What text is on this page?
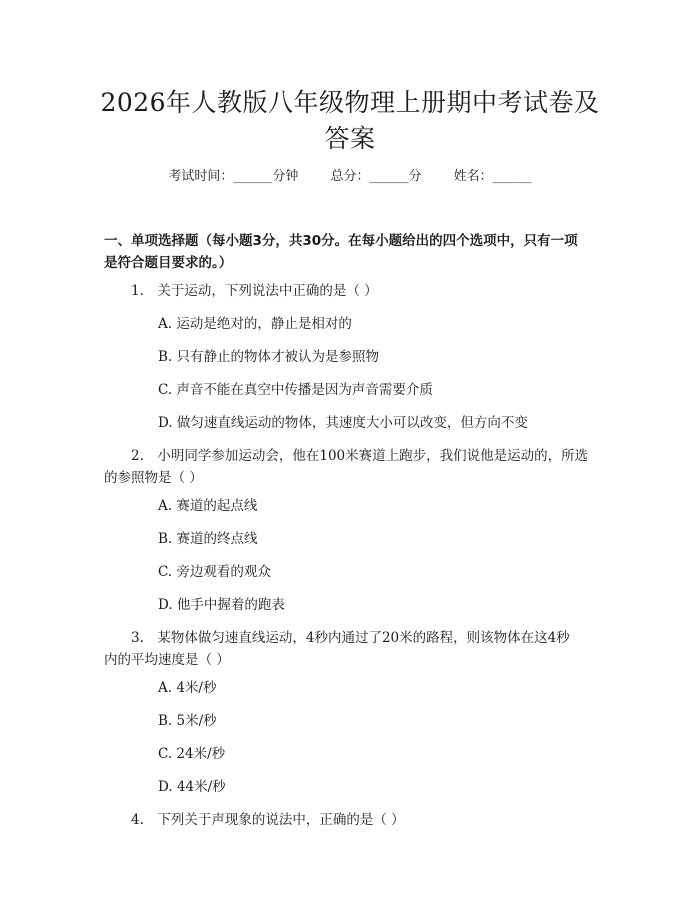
2026年人教版八年级物理上册期中考试卷及
答案
考试时间：______分钟 总分：______分 姓名：______
一、单项选择题（每小题3分，共30分。在每小题给出的四个选项中，只有一项
是符合题目要求的。）
1.　关于运动，下列说法中正确的是（ ）
A. 运动是绝对的，静止是相对的
B. 只有静止的物体才被认为是参照物
C. 声音不能在真空中传播是因为声音需要介质
D. 做匀速直线运动的物体，其速度大小可以改变，但方向不变
2.　小明同学参加运动会，他在100米赛道上跑步，我们说他是运动的，所选
的参照物是（ ）
A. 赛道的起点线
B. 赛道的终点线
C. 旁边观看的观众
D. 他手中握着的跑表
3.　某物体做匀速直线运动，4秒内通过了20米的路程，则该物体在这4秒
内的平均速度是（ ）
A. 4米/秒
B. 5米/秒
C. 24米/秒
D. 44米/秒
4.　下列关于声现象的说法中，正确的是（ ）
